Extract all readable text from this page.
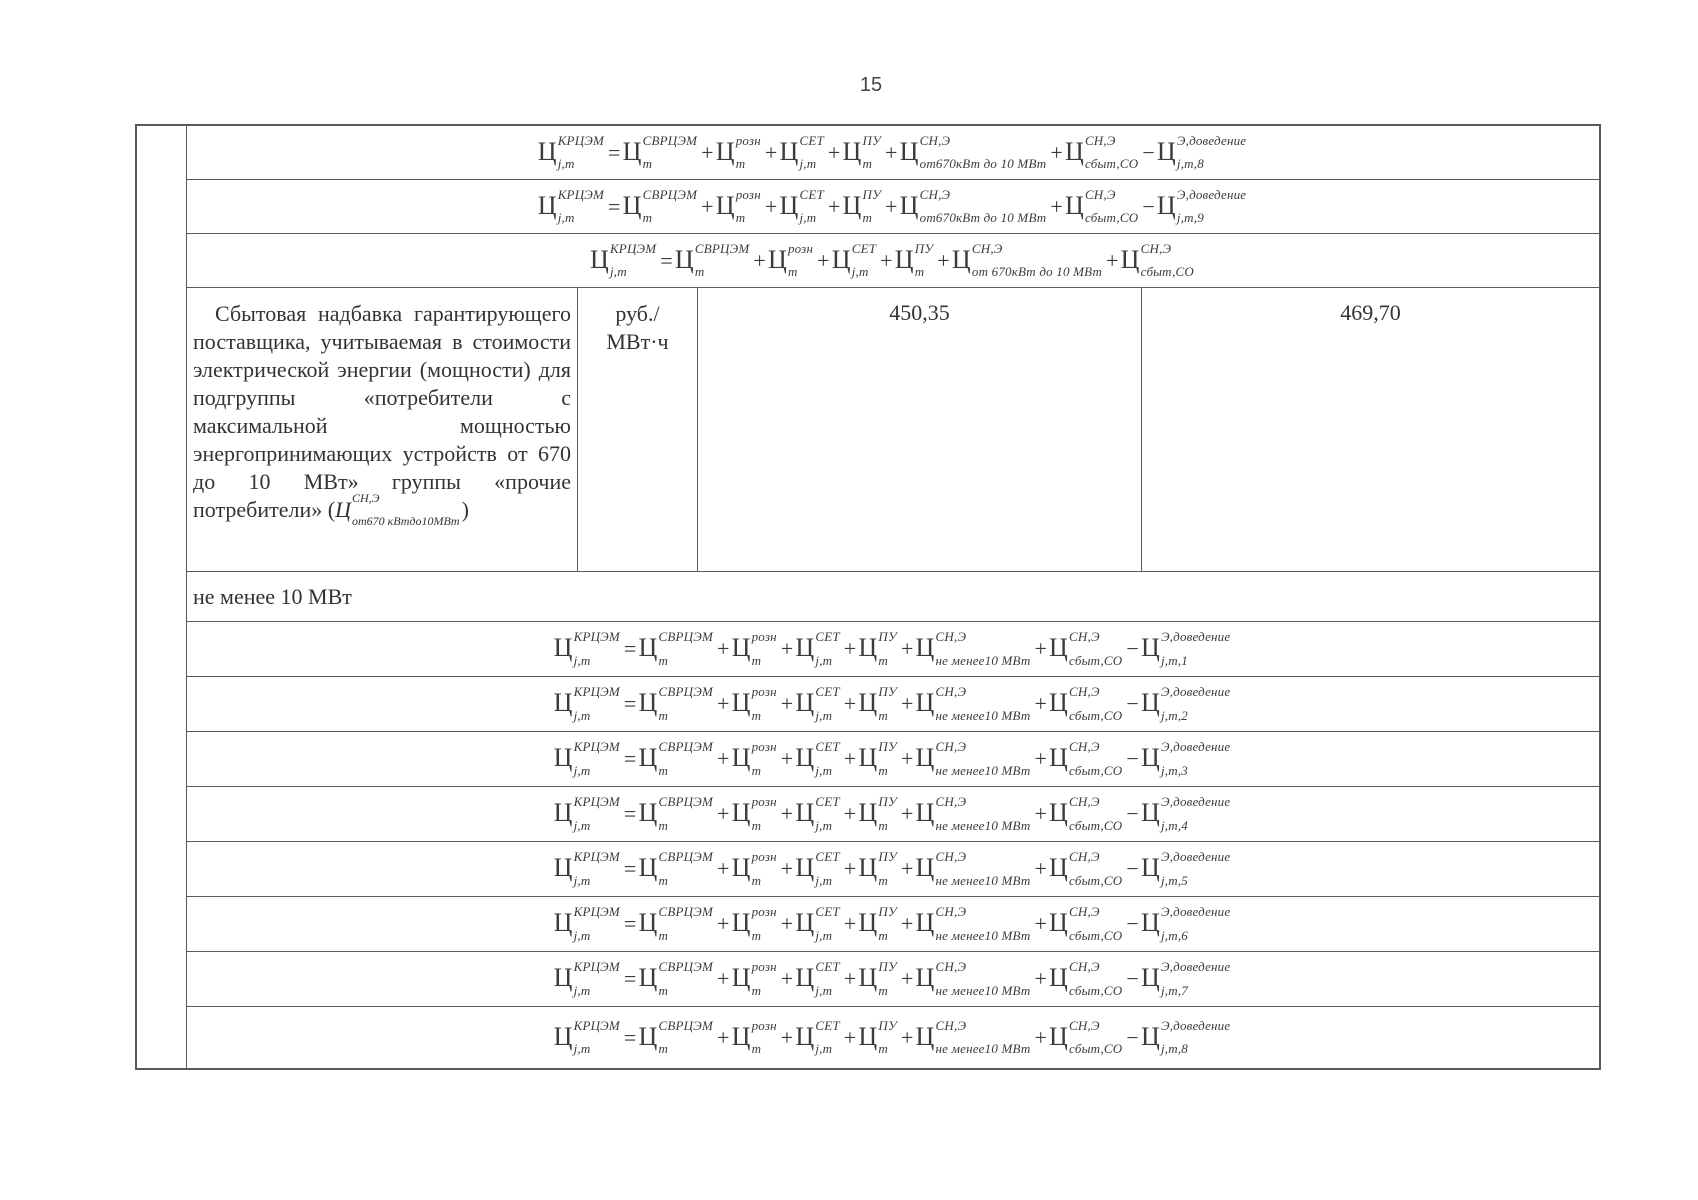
15
Ц КРЦЭМ
j,m	=Ц СВРЦЭМ
m	+Ц розн
m +Ц СЕТ
j,m +Ц ПУ
m +Ц СН,Э
от670кВт до 10 МВт +Ц СН,Э
сбыт,СО −Ц Э,доведение
j,m,8
Ц КРЦЭМ
j,m	=Ц СВРЦЭМ
m	+Ц розн
m +Ц СЕТ
j,m +Ц ПУ
m +Ц СН,Э
от670кВт до 10 МВт +Ц СН,Э
сбыт,СО −Ц Э,доведение
j,m,9
Ц КРЦЭМ
j,m	=Ц СВРЦЭМ
m	+Ц розн
m +Ц СЕТ
j,m +Ц ПУ
m +Ц СН,Э
от 670кВт до 10 МВт +Ц СН,Э
сбыт,СО
Сбытовая надбавка гарантирующего поставщика, учитываемая в стоимости электрической энергии (мощности) для подгруппы «потребители с максимальной мощностью энергопринимающих устройств от 670 до 10 МВт» группы «прочие потребители» (Ц СН,Э
от670 кВтдо10МВт )
руб./
МВт·ч
450,35	469,70
не менее 10 МВт
Ц КРЦЭМ
j,m	=Ц СВРЦЭМ
m	+Ц розн
m +Ц СЕТ
j,m +Ц ПУ
m +Ц СН,Э
не менее10 МВт +Ц СН,Э
сбыт,СО −Ц Э,доведение
j,m,1
Ц КРЦЭМ
j,m	=Ц СВРЦЭМ
m	+Ц розн
m +Ц СЕТ
j,m +Ц ПУ
m +Ц СН,Э
не менее10 МВт +Ц СН,Э
сбыт,СО −Ц Э,доведение
j,m,2
Ц КРЦЭМ
j,m	=Ц СВРЦЭМ
m	+Ц розн
m +Ц СЕТ
j,m +Ц ПУ
m +Ц СН,Э
не менее10 МВт +Ц СН,Э
сбыт,СО −Ц Э,доведение
j,m,3
Ц КРЦЭМ
j,m	=Ц СВРЦЭМ
m	+Ц розн
m +Ц СЕТ
j,m +Ц ПУ
m +Ц СН,Э
не менее10 МВт +Ц СН,Э
сбыт,СО −Ц Э,доведение
j,m,4
Ц КРЦЭМ
j,m	=Ц СВРЦЭМ
m	+Ц розн
m +Ц СЕТ
j,m +Ц ПУ
m +Ц СН,Э
не менее10 МВт +Ц СН,Э
сбыт,СО −Ц Э,доведение
j,m,5
Ц КРЦЭМ
j,m	=Ц СВРЦЭМ
m	+Ц розн
m +Ц СЕТ
j,m +Ц ПУ
m +Ц СН,Э
не менее10 МВт +Ц СН,Э
сбыт,СО −Ц Э,доведение
j,m,6
Ц КРЦЭМ
j,m	=Ц СВРЦЭМ
m	+Ц розн
m +Ц СЕТ
j,m +Ц ПУ
m +Ц СН,Э
не менее10 МВт +Ц СН,Э
сбыт,СО −Ц Э,доведение
j,m,7
Ц КРЦЭМ
j,m	=Ц СВРЦЭМ
m	+Ц розн
m +Ц СЕТ
j,m +Ц ПУ
m +Ц СН,Э
не менее10 МВт +Ц СН,Э
сбыт,СО −Ц Э,доведение
j,m,8
